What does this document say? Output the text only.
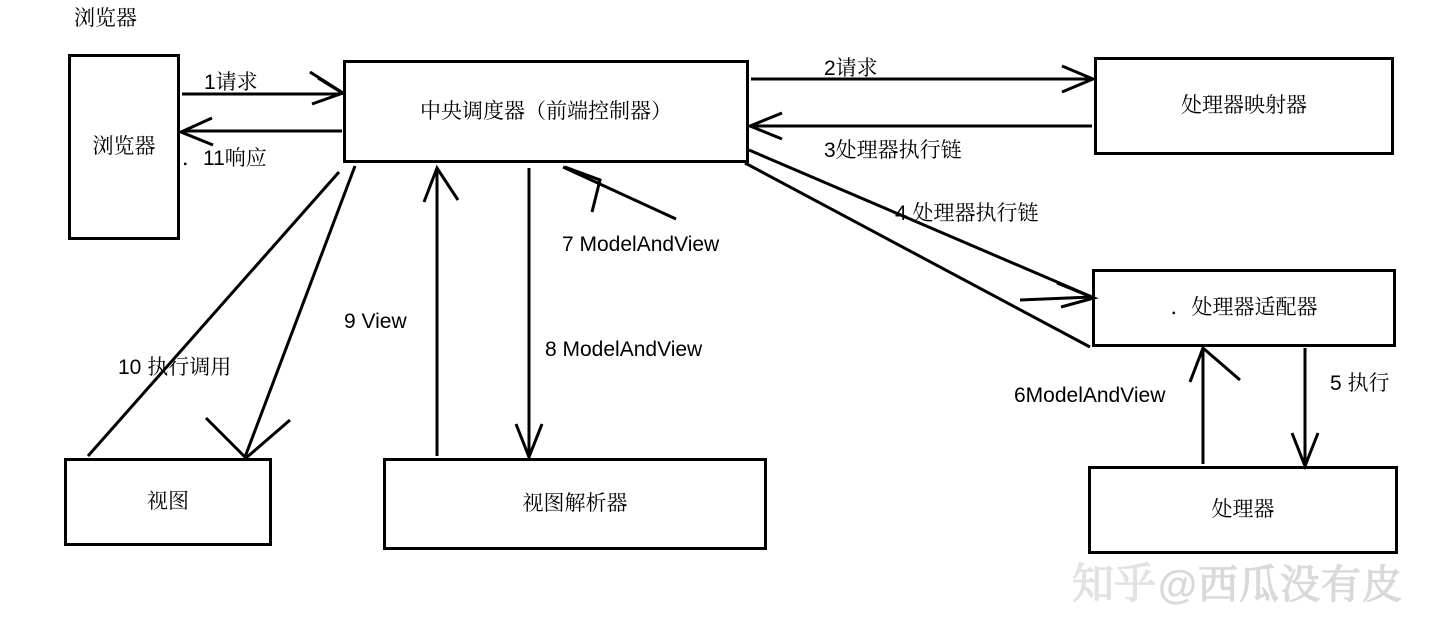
浏览器
浏览器
中央调度器（前端控制器）	处理器映射器
．处理器适配器
处理器
视图	视图解析器
1请求
．11响应
2请求
3处理器执行链
4 处理器执行链
5 执行
6ModelAndView
7 ModelAndView
8 ModelAndView
9 View
10 执行调用
知乎 @西瓜没有皮
